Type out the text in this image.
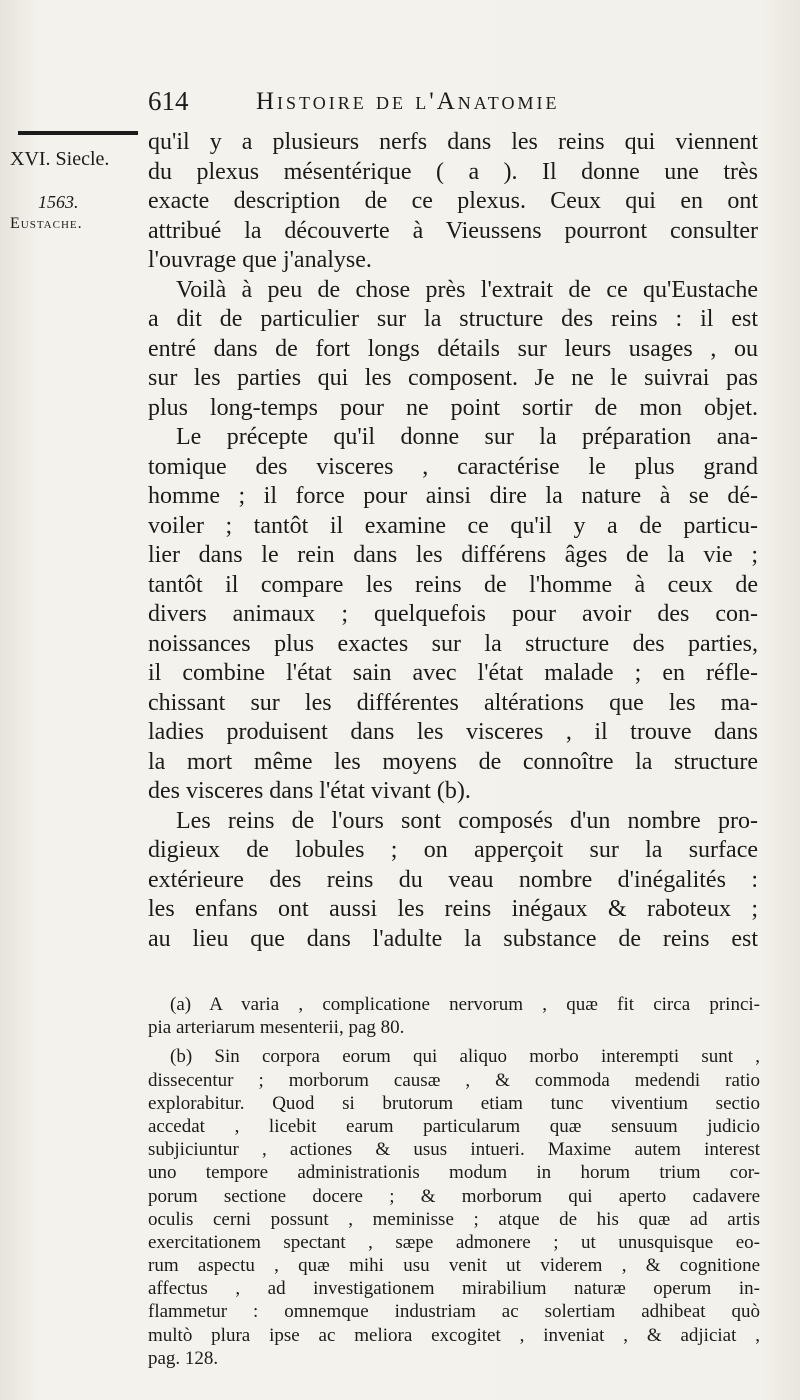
614	Histoire de l'Anatomie
XVI. Siecle.
1563.
Eustache.
qu'il y a plusieurs nerfs dans les reins qui viennent
du plexus mésentérique ( a ). Il donne une très
exacte description de ce plexus. Ceux qui en ont
attribué la découverte à Vieussens pourront consulter
l'ouvrage que j'analyse.
Voilà à peu de chose près l'extrait de ce qu'Eustache
a dit de particulier sur la structure des reins : il est
entré dans de fort longs détails sur leurs usages , ou
sur les parties qui les composent. Je ne le suivrai pas
plus long-temps pour ne point sortir de mon objet.
Le précepte qu'il donne sur la préparation ana-
tomique des visceres , caractérise le plus grand
homme ; il force pour ainsi dire la nature à se dé-
voiler ; tantôt il examine ce qu'il y a de particu-
lier dans le rein dans les différens âges de la vie ;
tantôt il compare les reins de l'homme à ceux de
divers animaux ; quelquefois pour avoir des con-
noissances plus exactes sur la structure des parties,
il combine l'état sain avec l'état malade ; en réfle-
chissant sur les différentes altérations que les ma-
ladies produisent dans les visceres , il trouve dans
la mort même les moyens de connoître la structure
des visceres dans l'état vivant (b).
Les reins de l'ours sont composés d'un nombre pro-
digieux de lobules ; on apperçoit sur la surface
extérieure des reins du veau nombre d'inégalités :
les enfans ont aussi les reins inégaux & raboteux ;
au lieu que dans l'adulte la substance de reins est
(a) A varia , complicatione nervorum , quæ fit circa princi-
pia arteriarum mesenterii, pag 80.
(b) Sin corpora eorum qui aliquo morbo interempti sunt ,
dissecentur ; morborum causæ , & commoda medendi ratio
explorabitur. Quod si brutorum etiam tunc viventium sectio
accedat , licebit earum particularum quæ sensuum judicio
subjiciuntur , actiones & usus intueri. Maxime autem interest
uno tempore administrationis modum in horum trium cor-
porum sectione docere ; & morborum qui aperto cadavere
oculis cerni possunt , meminisse ; atque de his quæ ad artis
exercitationem spectant , sæpe admonere ; ut unusquisque eo-
rum aspectu , quæ mihi usu venit ut viderem , & cognitione
affectus , ad investigationem mirabilium naturæ operum in-
flammetur : omnemque industriam ac solertiam adhibeat quò
multò plura ipse ac meliora excogitet , inveniat , & adjiciat ,
pag. 128.
